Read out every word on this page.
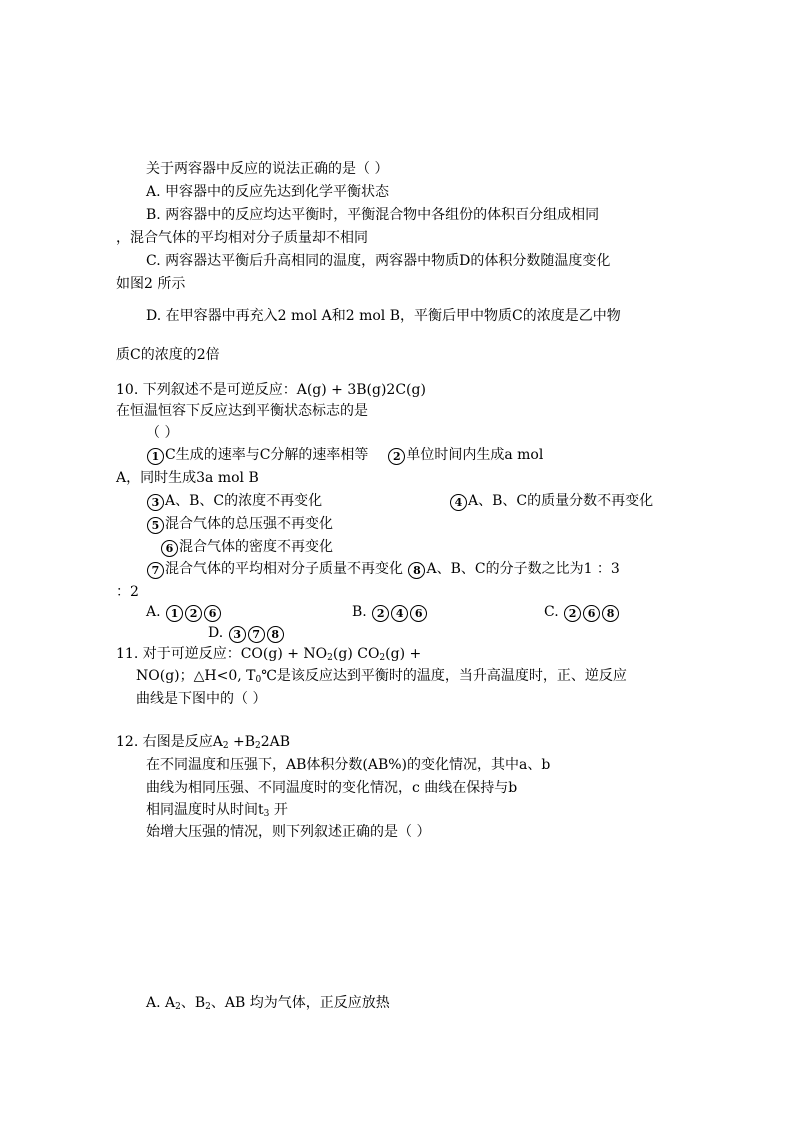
关于两容器中反应的说法正确的是（ ）
A. 甲容器中的反应先达到化学平衡状态
B. 两容器中的反应均达平衡时，平衡混合物中各组份的体积百分组成相同
，混合气体的平均相对分子质量却不相同
C. 两容器达平衡后升高相同的温度，两容器中物质D的体积分数随温度变化
如图2 所示
D. 在甲容器中再充入2 mol A和2 mol B，平衡后甲中物质C的浓度是乙中物
质C的浓度的2倍
10. 下列叙述不是可逆反应：A(g) + 3B(g)2C(g)
在恒温恒容下反应达到平衡状态标志的是
（ ）
1 C生成的速率与C分解的速率相等 2 单位时间内生成a mol
A，同时生成3a mol B
3 A、B、C的浓度不再变化	4 A、B、C的质量分数不再变化
5 混合气体的总压强不再变化
6 混合气体的密度不再变化
7 混合气体的平均相对分子质量不再变化 8 A、B、C的分子数之比为1 ：3
：2
A. 1 2 6	B. 2 4 6	C. 2 6 8
D. 3 7 8
11. 对于可逆反应：$CO(g) + NO_2(g) CO_2(g)$ +
NO(g)；△H<0, $T_0℃$是该反应达到平衡时的温度，当升高温度时，正、逆反应
曲线是下图中的（ ）
12. 右图是反应$A_2 +B_22AB$
在不同温度和压强下，AB体积分数(AB%)的变化情况，其中a、b
曲线为相同压强、不同温度时的变化情况，c 曲线在保持与b
相同温度时从时间$t_3$ 开
始增大压强的情况，则下列叙述正确的是（ ）
A. $A_2$、$B_2$、AB 均为气体，正反应放热
